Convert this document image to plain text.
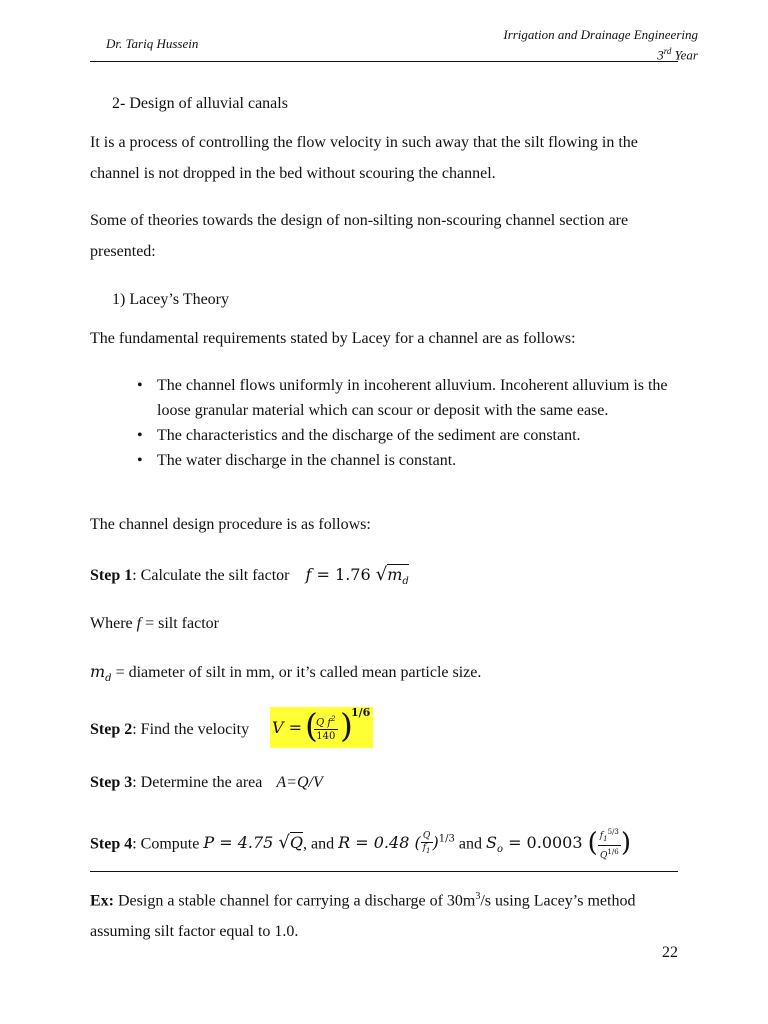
Dr. Tariq Hussein
Irrigation and Drainage Engineering
3rd Year
2- Design of alluvial canals
It is a process of controlling the flow velocity in such away that the silt flowing in the channel is not dropped in the bed without scouring the channel.
Some of theories towards the design of non-silting non-scouring channel section are presented:
1) Lacey’s Theory
The fundamental requirements stated by Lacey for a channel are as follows:
• The channel flows uniformly in incoherent alluvium. Incoherent alluvium is the loose granular material which can scour or deposit with the same ease.
• The characteristics and the discharge of the sediment are constant.
• The water discharge in the channel is constant.
The channel design procedure is as follows:
Step 1: Calculate the silt factor f = 1.76 $√m_d$
Where f = silt factor
$m_d$ = diameter of silt in mm, or it’s called mean particle size.
Step 2: Find the velocity V = (
$\frac{Q f^2}{140}$ )
1/6
Step 3: Determine the area A=Q/V
Step 4: Compute P = 4.75 √Q, and R = 0.48 ( $\frac{Q}{f_1} )^{1/3}$ and $S_o = 0.0003$ ( $\frac{f_1^{5/3}}{Q^{1/6}}$ )
Ex: Design a stable channel for carrying a discharge of $30m^3/s$ using Lacey’s method assuming silt factor equal to 1.0.
22
